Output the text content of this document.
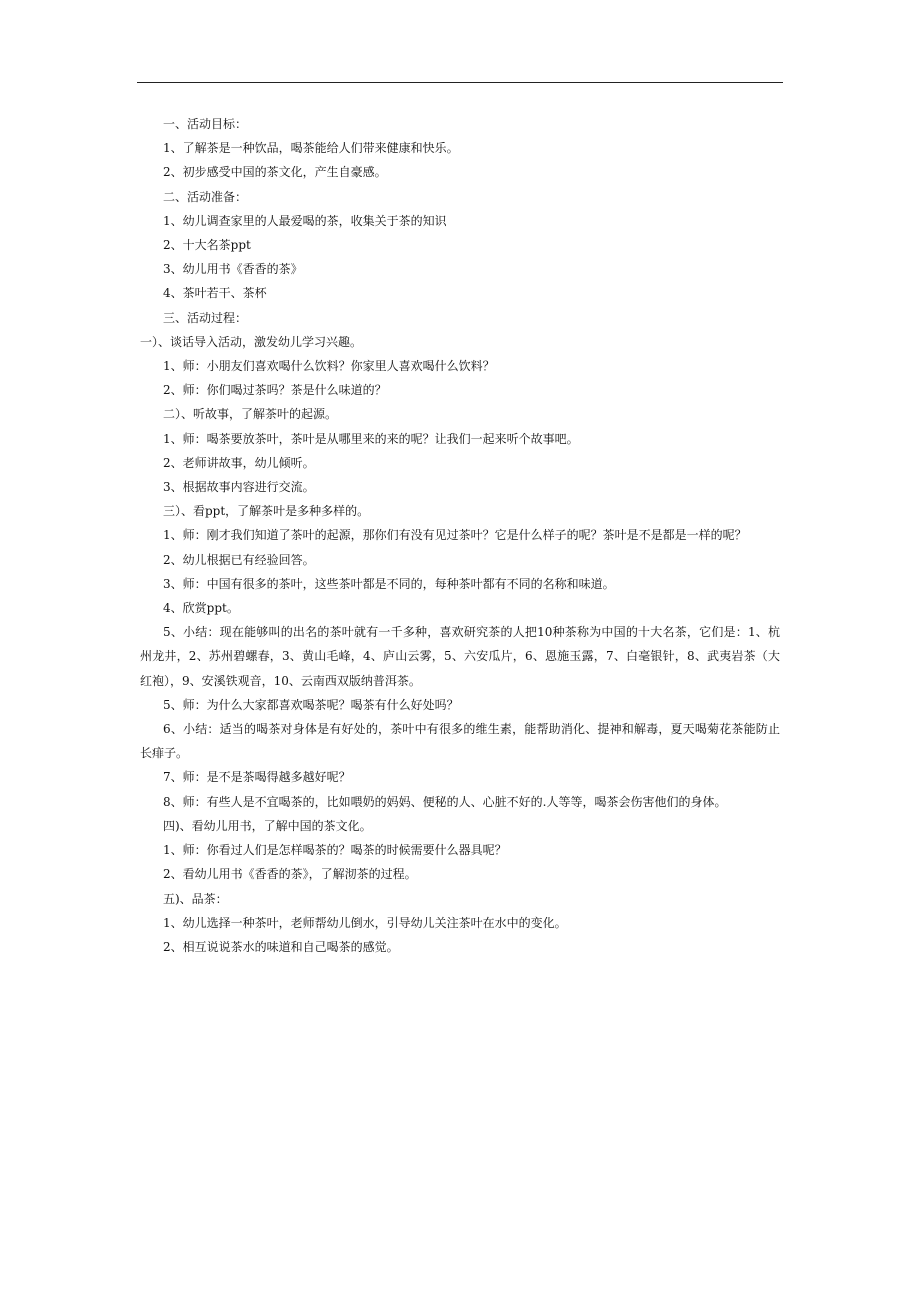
一、活动目标：

1、了解茶是一种饮品，喝茶能给人们带来健康和快乐。

2、初步感受中国的茶文化，产生自豪感。

二、活动准备：

1、幼儿调查家里的人最爱喝的茶，收集关于茶的知识

2、十大名茶ppt

3、幼儿用书《香香的茶》

4、茶叶若干、茶杯

三、活动过程：

一）、谈话导入活动，激发幼儿学习兴趣。

1、师：小朋友们喜欢喝什么饮料？你家里人喜欢喝什么饮料？

2、师：你们喝过茶吗？茶是什么味道的？

二）、听故事，了解茶叶的起源。

1、师：喝茶要放茶叶，茶叶是从哪里来的来的呢？让我们一起来听个故事吧。

2、老师讲故事，幼儿倾听。

3、根据故事内容进行交流。

三）、看ppt，了解茶叶是多种多样的。

1、师：刚才我们知道了茶叶的起源，那你们有没有见过茶叶？它是什么样子的呢？茶叶是不是都是一样的呢？

2、幼儿根据已有经验回答。

3、师：中国有很多的茶叶，这些茶叶都是不同的，每种茶叶都有不同的名称和味道。

4、欣赏ppt。

5、小结：现在能够叫的出名的茶叶就有一千多种，喜欢研究茶的人把10种茶称为中国的十大名茶，它们是：1、杭州龙井，2、苏州碧螺春，3、黄山毛峰，4、庐山云雾，5、六安瓜片，6、恩施玉露，7、白毫银针，8、武夷岩茶（大红袍），9、安溪铁观音，10、云南西双版纳普洱茶。

5、师：为什么大家都喜欢喝茶呢？喝茶有什么好处吗？

6、小结：适当的喝茶对身体是有好处的，茶叶中有很多的维生素，能帮助消化、提神和解毒，夏天喝菊花茶能防止长痱子。

7、师：是不是茶喝得越多越好呢？

8、师：有些人是不宜喝茶的，比如喂奶的妈妈、便秘的人、心脏不好的.人等等，喝茶会伤害他们的身体。

四)、看幼儿用书，了解中国的茶文化。

1、师：你看过人们是怎样喝茶的？喝茶的时候需要什么器具呢？

2、看幼儿用书《香香的茶》，了解沏茶的过程。

五)、品茶：

1、幼儿选择一种茶叶，老师帮幼儿倒水，引导幼儿关注茶叶在水中的变化。

2、相互说说茶水的味道和自己喝茶的感觉。
